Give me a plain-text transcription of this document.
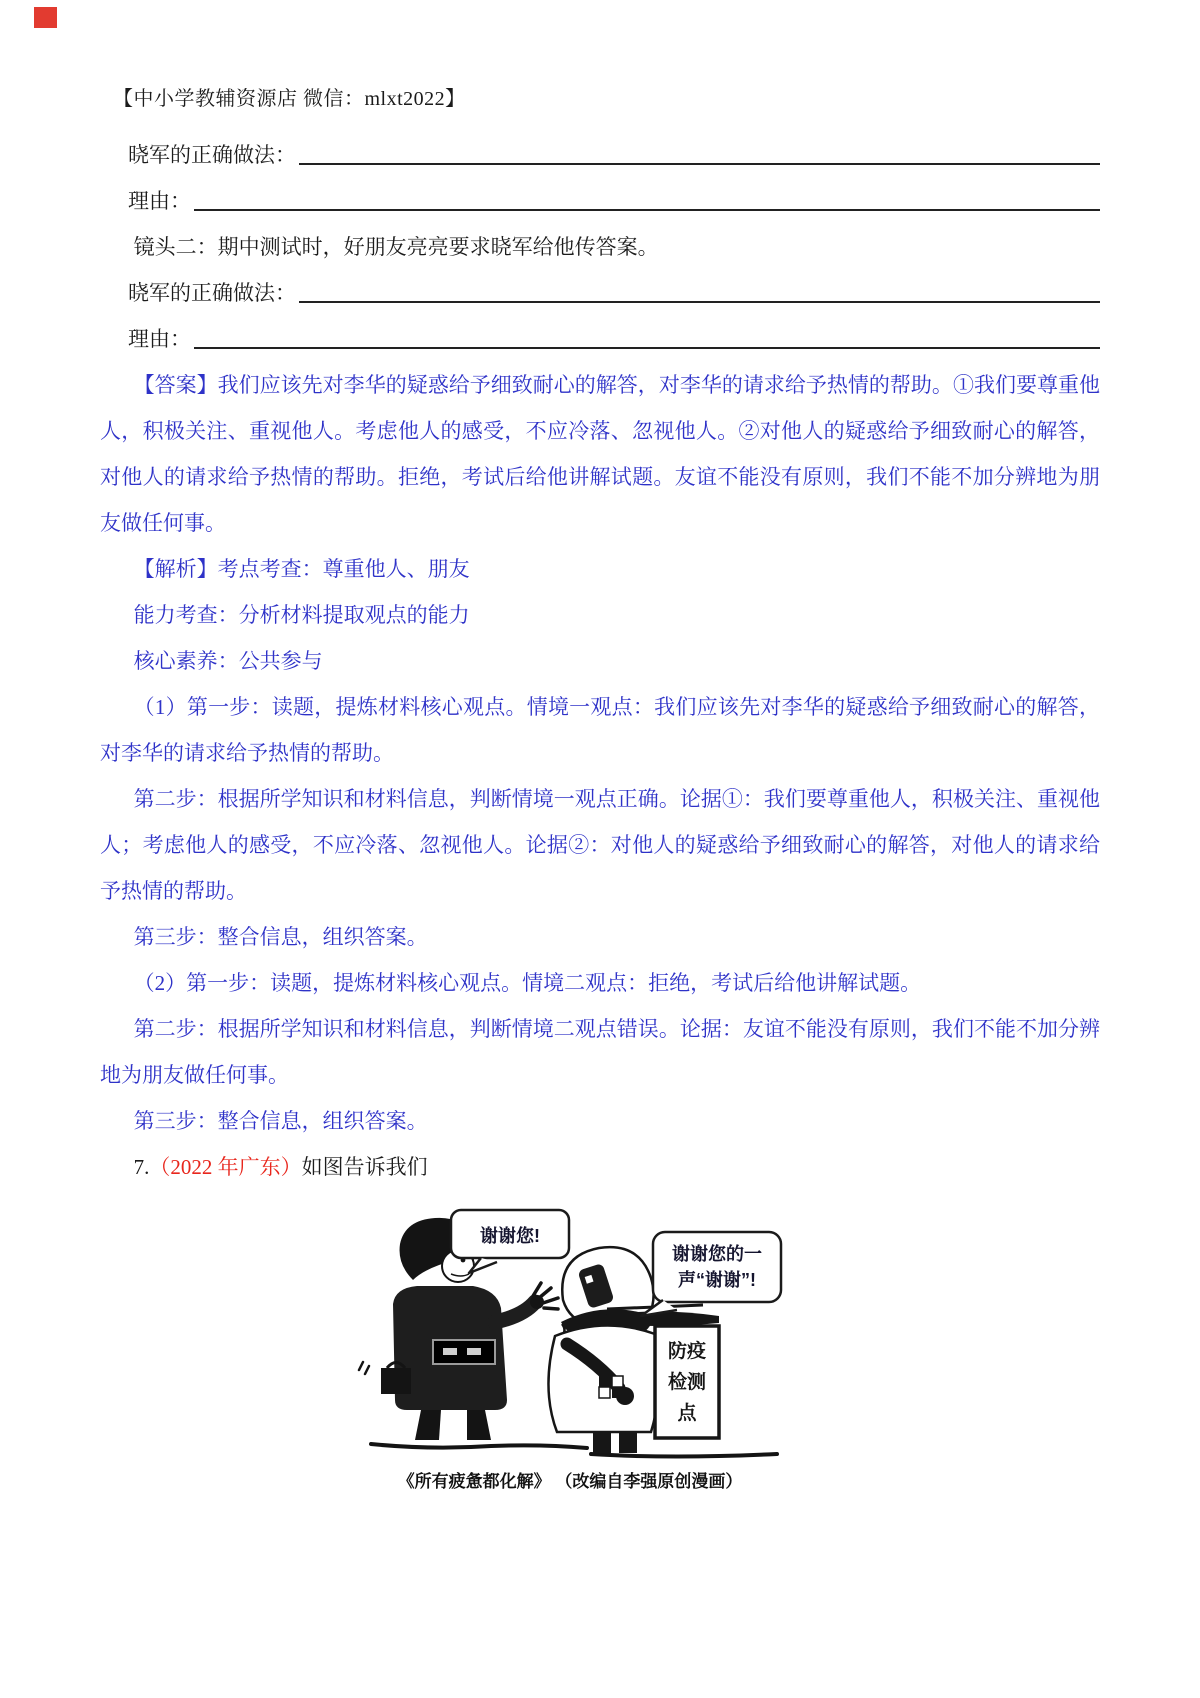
【中小学教辅资源店 微信：mlxt2022】
晓军的正确做法：
理由：

镜头二：期中测试时，好朋友亮亮要求晓军给他传答案。

晓军的正确做法：
理由：

【答案】我们应该先对李华的疑惑给予细致耐心的解答，对李华的请求给予热情的帮助。①我们要尊重他人，积极关注、重视他人。考虑他人的感受，不应冷落、忽视他人。②对他人的疑惑给予细致耐心的解答，对他人的请求给予热情的帮助。拒绝，考试后给他讲解试题。友谊不能没有原则，我们不能不加分辨地为朋友做任何事。

【解析】考点考查：尊重他人、朋友

能力考查：分析材料提取观点的能力

核心素养：公共参与

（1）第一步：读题，提炼材料核心观点。情境一观点：我们应该先对李华的疑惑给予细致耐心的解答，对李华的请求给予热情的帮助。

第二步：根据所学知识和材料信息，判断情境一观点正确。论据①：我们要尊重他人，积极关注、重视他人；考虑他人的感受，不应冷落、忽视他人。论据②：对他人的疑惑给予细致耐心的解答，对他人的请求给予热情的帮助。

第三步：整合信息，组织答案。

（2）第一步：读题，提炼材料核心观点。情境二观点：拒绝，考试后给他讲解试题。

第二步：根据所学知识和材料信息，判断情境二观点错误。论据：友谊不能没有原则，我们不能不加分辨地为朋友做任何事。

第三步：整合信息，组织答案。

7.（2022 年广东）如图告诉我们

谢谢您!
防疫
检测
点
谢谢您的一
声“谢谢”!
《所有疲惫都化解》 （改编自李强原创漫画）
